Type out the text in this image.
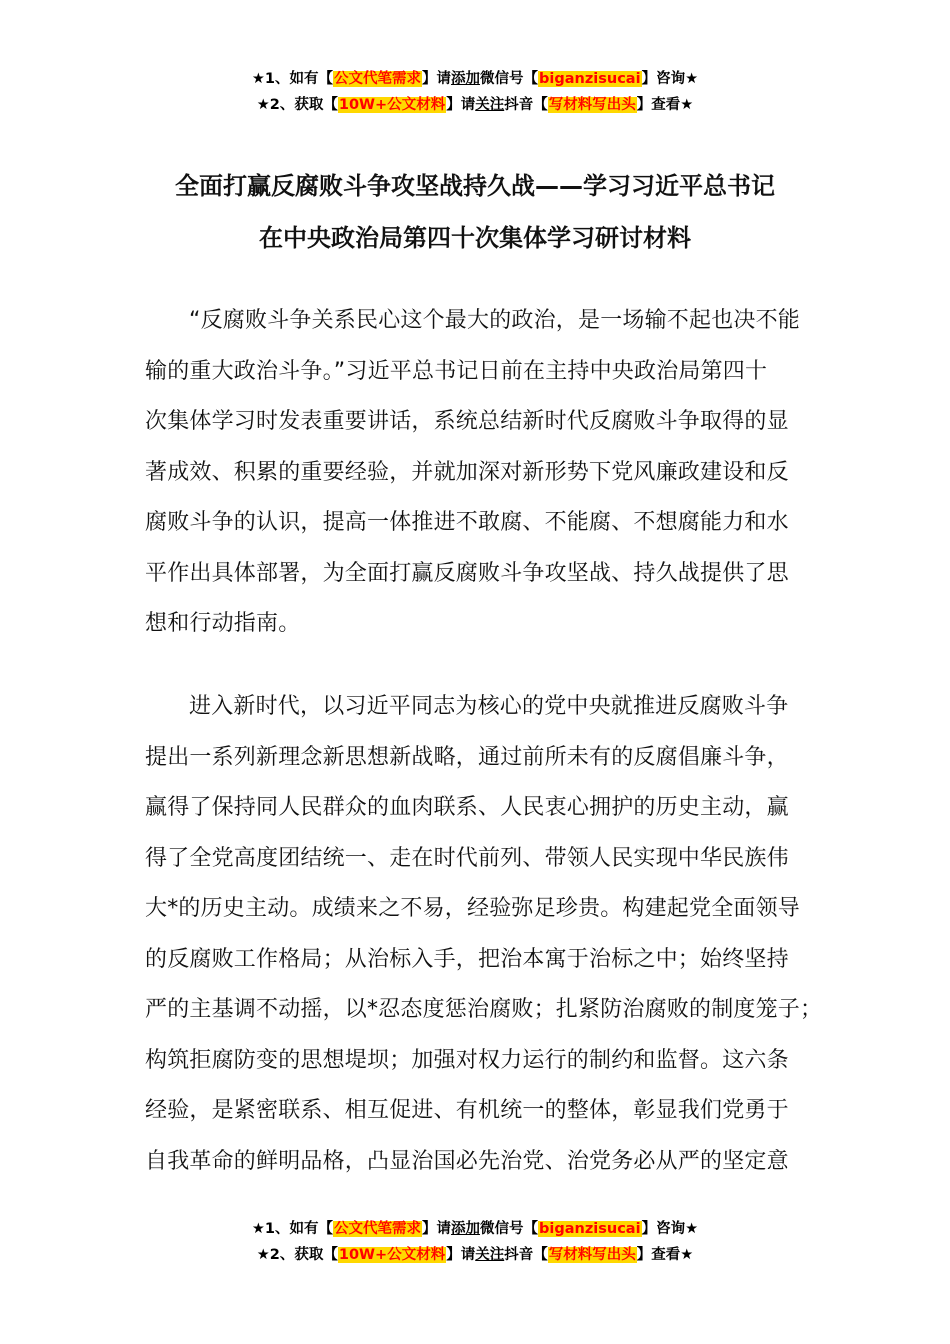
★1、如有【公文代笔需求】请添加微信号【biganzisucai】咨询★
★2、获取【10W+公文材料】请关注抖音【写材料写出头】查看★
全面打赢反腐败斗争攻坚战持久战——学习习近平总书记
在中央政治局第四十次集体学习研讨材料
“反腐败斗争关系民心这个最大的政治，是一场输不起也决不能
输的重大政治斗争。”习近平总书记日前在主持中央政治局第四十
次集体学习时发表重要讲话，系统总结新时代反腐败斗争取得的显
著成效、积累的重要经验，并就加深对新形势下党风廉政建设和反
腐败斗争的认识，提高一体推进不敢腐、不能腐、不想腐能力和水
平作出具体部署，为全面打赢反腐败斗争攻坚战、持久战提供了思
想和行动指南。
进入新时代，以习近平同志为核心的党中央就推进反腐败斗争
提出一系列新理念新思想新战略，通过前所未有的反腐倡廉斗争，
赢得了保持同人民群众的血肉联系、人民衷心拥护的历史主动，赢
得了全党高度团结统一、走在时代前列、带领人民实现中华民族伟
大*的历史主动。成绩来之不易，经验弥足珍贵。构建起党全面领导
的反腐败工作格局；从治标入手，把治本寓于治标之中；始终坚持
严的主基调不动摇，以*忍态度惩治腐败；扎紧防治腐败的制度笼子；
构筑拒腐防变的思想堤坝；加强对权力运行的制约和监督。这六条
经验，是紧密联系、相互促进、有机统一的整体，彰显我们党勇于
自我革命的鲜明品格，凸显治国必先治党、治党务必从严的坚定意
★1、如有【公文代笔需求】请添加微信号【biganzisucai】咨询★
★2、获取【10W+公文材料】请关注抖音【写材料写出头】查看★
